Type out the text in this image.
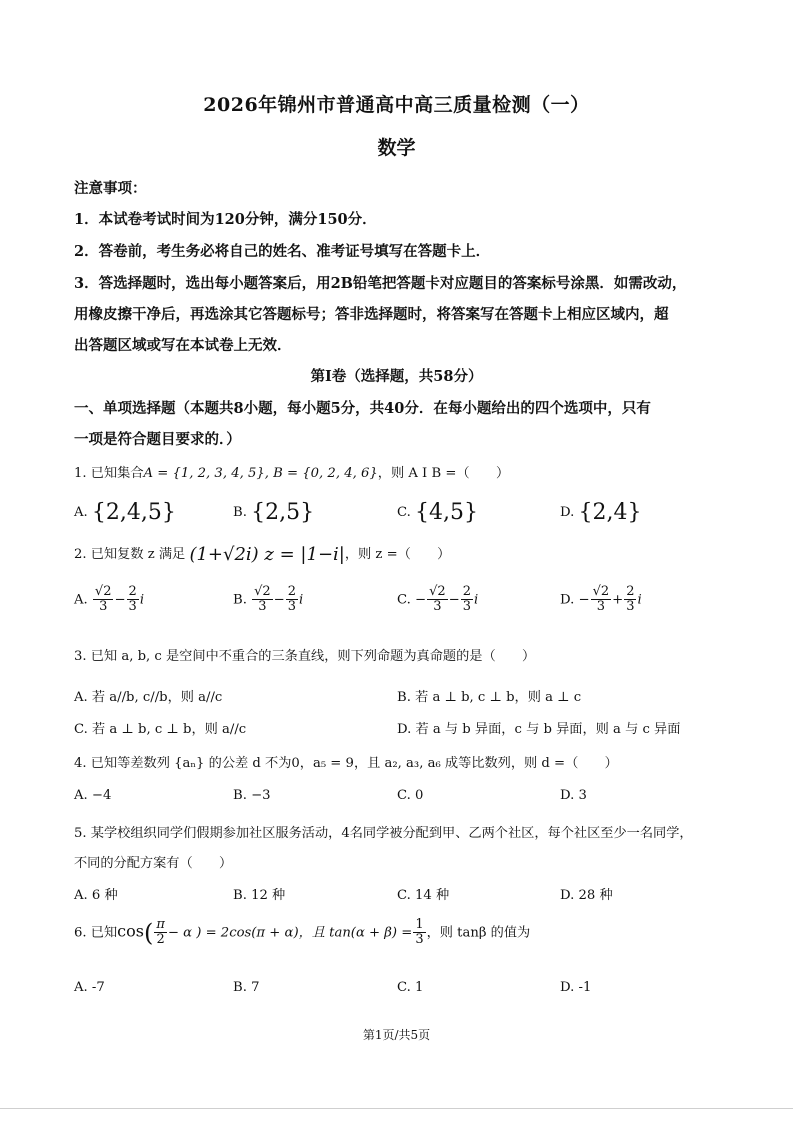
2026年锦州市普通高中高三质量检测（一）
数学
注意事项：
1．本试卷考试时间为120分钟，满分150分．
2．答卷前，考生务必将自己的姓名、准考证号填写在答题卡上．
3．答选择题时，选出每小题答案后，用2B铅笔把答题卡对应题目的答案标号涂黑．如需改动，
用橡皮擦干净后，再选涂其它答题标号；答非选择题时，将答案写在答题卡上相应区域内，超
出答题区域或写在本试卷上无效．
第Ⅰ卷（选择题，共58分）
一、单项选择题（本题共8小题，每小题5分，共40分．在每小题给出的四个选项中，只有
一项是符合题目要求的．）
1. 已知集合A = {1, 2, 3, 4, 5}, B = {0, 2, 4, 6}，则 A I B =（　　）
A. {2,4,5}	B. {2,5}	C. {4,5}	D. {2,4}
2. 已知复数 z 满足 (1+√2i) z = |1−i|，则 z =（　　）
A. $\frac{√2}{3} - \frac{2}{3}$ i	B. $\frac{√2}{3} - \frac{2}{3}$ i	C. − $\frac{√2}{3} - \frac{2}{3}$ i	D. − $\frac{√2}{3} + \frac{2}{3}$ i
3. 已知 a, b, c 是空间中不重合的三条直线，则下列命题为真命题的是（　　）
A. 若 a//b, c//b，则 a//c	B. 若 a ⊥ b, c ⊥ b，则 a ⊥ c
C. 若 a ⊥ b, c ⊥ b，则 a//c	D. 若 a 与 b 异面，c 与 b 异面，则 a 与 c 异面
4. 已知等差数列 {aₙ} 的公差 d 不为0，a₅ = 9，且 a₂, a₃, a₆ 成等比数列，则 d =（　　）
A. −4	B. −3	C. 0	D. 3
5. 某学校组织同学们假期参加社区服务活动，4名同学被分配到甲、乙两个社区，每个社区至少一名同学，
不同的分配方案有（　　）
A. 6 种	B. 12 种	C. 14 种	D. 28 种
6. 已知$\cos( \frac{\pi}{2} - \alpha$ ) = 2cos(π + α)，且 $\tan(\alpha + \beta) = \frac{1}{3}$ ，则 tanβ 的值为
A. -7	B. 7	C. 1	D. -1
第1页/共5页
